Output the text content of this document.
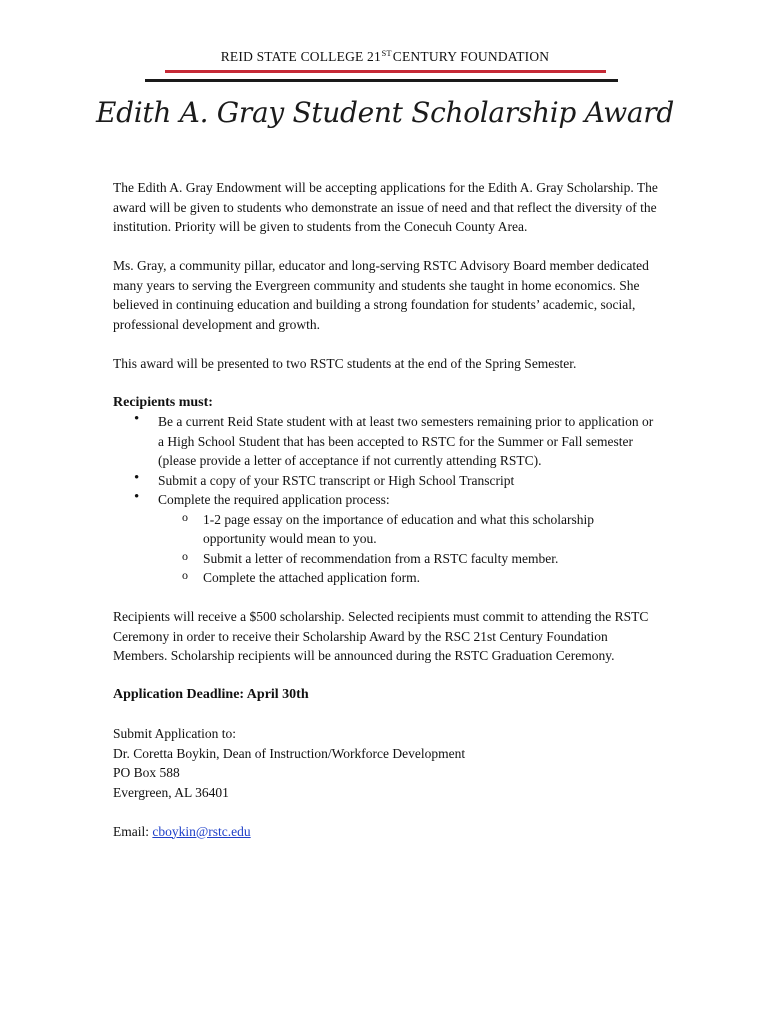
REID STATE COLLEGE 21STCENTURY FOUNDATION
Edith A. Gray Student Scholarship Award

The Edith A. Gray Endowment will be accepting applications for the Edith A. Gray Scholarship. The award will be given to students who demonstrate an issue of need and that reflect the diversity of the institution. Priority will be given to students from the Conecuh County Area.

Ms. Gray, a community pillar, educator and long-serving RSTC Advisory Board member dedicated many years to serving the Evergreen community and students she taught in home economics. She believed in continuing education and building a strong foundation for students’ academic, social, professional development and growth.

This award will be presented to two RSTC students at the end of the Spring Semester.

Recipients must:

• Be a current Reid State student with at least two semesters remaining prior to application or a High School Student that has been accepted to RSTC for the Summer or Fall semester (please provide a letter of acceptance if not currently attending RSTC).
• Submit a copy of your RSTC transcript or High School Transcript
• Complete the required application process:
o 1-2 page essay on the importance of education and what this scholarship opportunity would mean to you.
o Submit a letter of recommendation from a RSTC faculty member.
o Complete the attached application form.

Recipients will receive a $500 scholarship. Selected recipients must commit to attending the RSTC Ceremony in order to receive their Scholarship Award by the RSC 21st Century Foundation Members. Scholarship recipients will be announced during the RSTC Graduation Ceremony.

Application Deadline: April 30th

Submit Application to:

Dr. Coretta Boykin, Dean of Instruction/Workforce Development

PO Box 588

Evergreen, AL 36401

Email: cboykin@rstc.edu
